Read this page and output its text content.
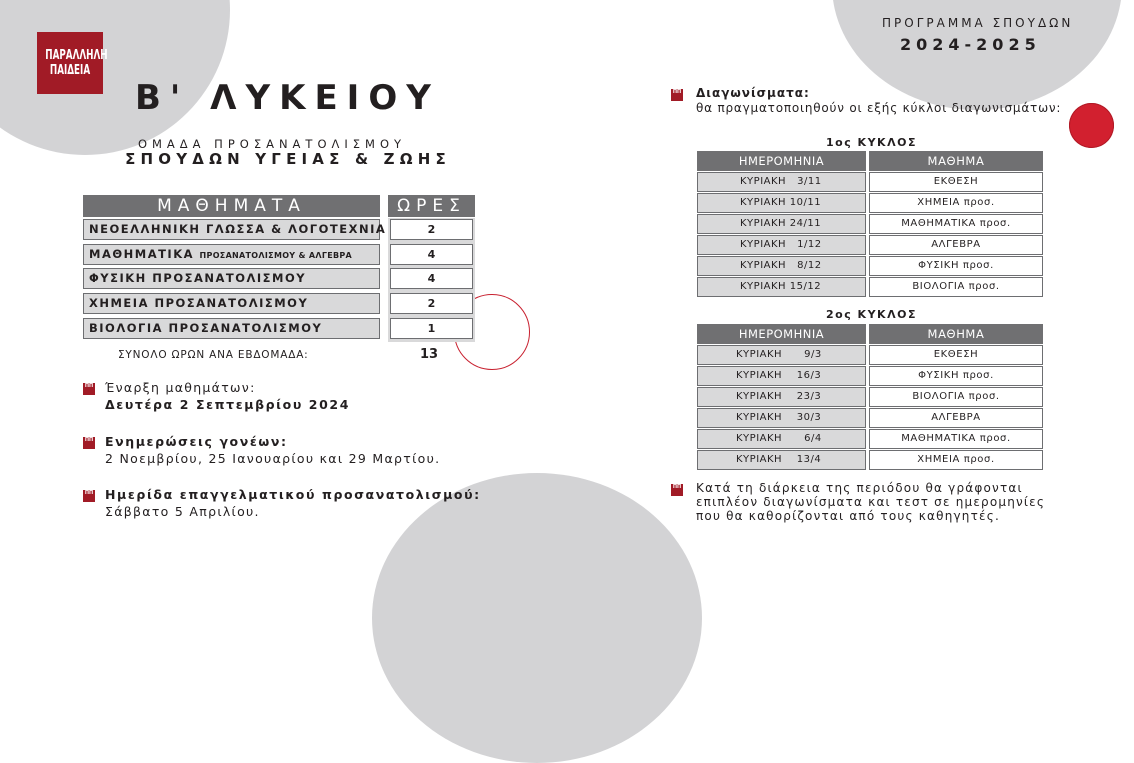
ΠΑΡΑΛΛΗΛΗ
ΠΑΙΔΕΙΑ
Β' ΛΥΚΕΙΟΥ
ΟΜΑΔΑ ΠΡΟΣΑΝΑΤΟΛΙΣΜΟΥ
ΣΠΟΥΔΩΝ ΥΓΕΙΑΣ & ΖΩΗΣ
ΜΑΘΗΜΑΤΑ	ΩΡΕΣ
ΝΕΟΕΛΛΗΝΙΚΗ ΓΛΩΣΣΑ & ΛΟΓΟΤΕΧΝΙΑ	2
ΜΑΘΗΜΑΤΙΚΑ ΠΡΟΣΑΝΑΤΟΛΙΣΜΟΥ & ΑΛΓΕΒΡΑ	4
ΦΥΣΙΚΗ ΠΡΟΣΑΝΑΤΟΛΙΣΜΟΥ	4
ΧΗΜΕΙΑ ΠΡΟΣΑΝΑΤΟΛΙΣΜΟΥ	2
ΒΙΟΛΟΓΙΑ ΠΡΟΣΑΝΑΤΟΛΙΣΜΟΥ	1
ΣΥΝΟΛΟ ΩΡΩΝ ΑΝΑ ΕΒΔΟΜΑΔΑ:	13
ΠΠ Έναρξη μαθημάτων:
Δευτέρα 2 Σεπτεμβρίου 2024
ΠΠ Ενημερώσεις γονέων:
2 Νοεμβρίου, 25 Ιανουαρίου και 29 Μαρτίου.
ΠΠ Ημερίδα επαγγελματικού προσανατολισμού:
Σάββατο 5 Απριλίου.
ΠΡΟΓΡΑΜΜΑ ΣΠΟΥΔΩΝ
2024-2025
ΠΠ Διαγωνίσματα:
θα πραγματοποιηθούν οι εξής κύκλοι διαγωνισμάτων:
1ος ΚΥΚΛΟΣ
ΗΜΕΡΟΜΗΝΙΑ	ΜΑΘΗΜΑ
ΚΥΡΙΑΚΗ   3/11	ΕΚΘΕΣΗ
ΚΥΡΙΑΚΗ 10/11	ΧΗΜΕΙΑ πρoσ.
ΚΥΡΙΑΚΗ 24/11	ΜΑΘΗΜΑΤΙΚΑ πρoσ.
ΚΥΡΙΑΚΗ   1/12	ΑΛΓΕΒΡΑ
ΚΥΡΙΑΚΗ   8/12	ΦΥΣΙΚΗ πρoσ.
ΚΥΡΙΑΚΗ 15/12	ΒΙΟΛΟΓΙΑ πρoσ.
2ος ΚΥΚΛΟΣ
ΗΜΕΡΟΜΗΝΙΑ	ΜΑΘΗΜΑ
ΚΥΡΙΑΚΗ      9/3	ΕΚΘΕΣΗ
ΚΥΡΙΑΚΗ    16/3	ΦΥΣΙΚΗ πρoσ.
ΚΥΡΙΑΚΗ    23/3	ΒΙΟΛΟΓΙΑ πρoσ.
ΚΥΡΙΑΚΗ    30/3	ΑΛΓΕΒΡΑ
ΚΥΡΙΑΚΗ      6/4	ΜΑΘΗΜΑΤΙΚΑ πρoσ.
ΚΥΡΙΑΚΗ    13/4	ΧΗΜΕΙΑ πρoσ.
ΠΠ Κατά τη διάρκεια της περιόδου θα γράφονται
επιπλέον διαγωνίσματα και τεστ σε ημερομηνίες
που θα καθορίζονται από τους καθηγητές.
